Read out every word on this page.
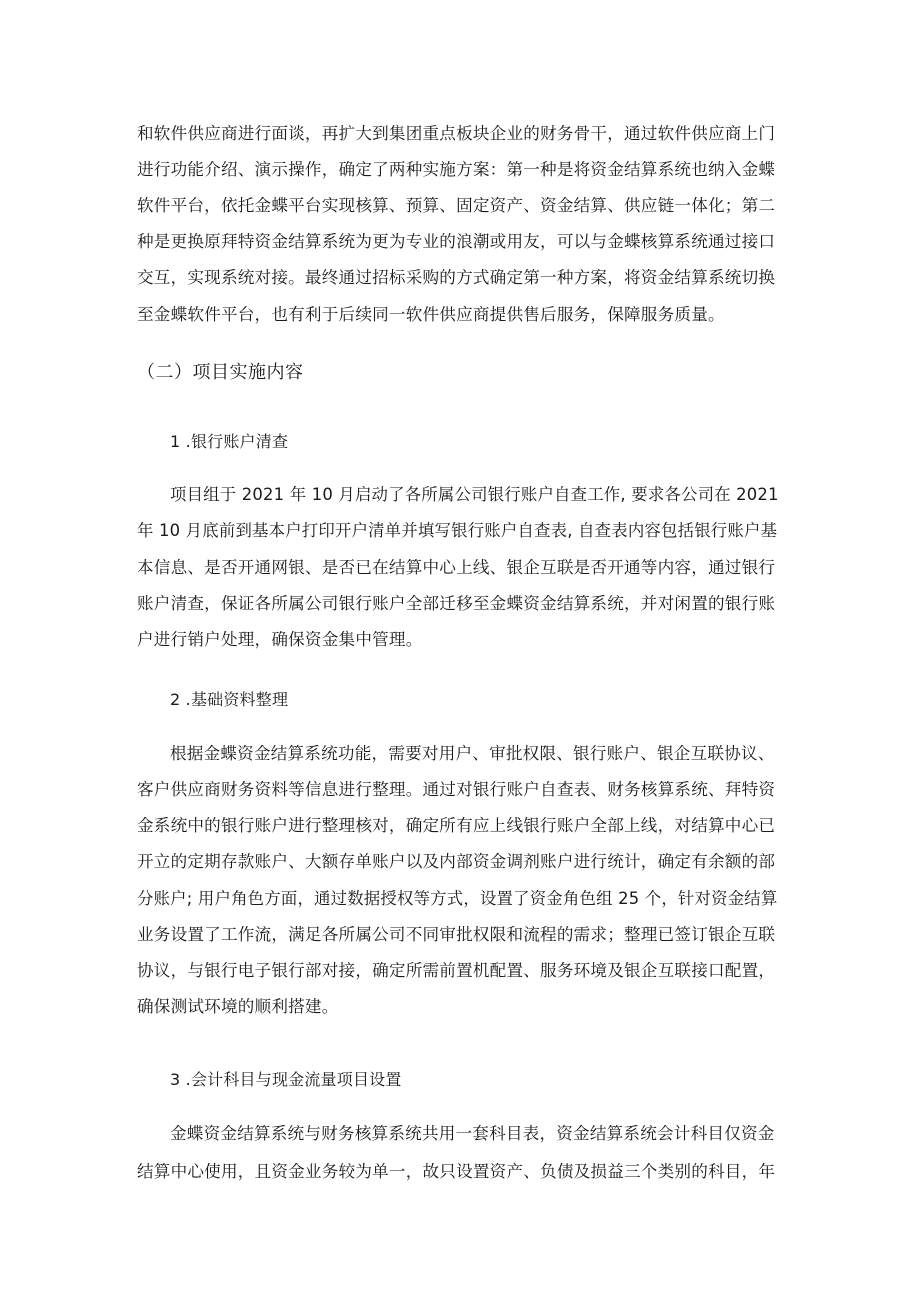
和软件供应商进行面谈，再扩大到集团重点板块企业的财务骨干，通过软件供应商上门
进行功能介绍、演示操作，确定了两种实施方案：第一种是将资金结算系统也纳入金蝶
软件平台，依托金蝶平台实现核算、预算、固定资产、资金结算、供应链一体化；第二
种是更换原拜特资金结算系统为更为专业的浪潮或用友，可以与金蝶核算系统通过接口
交互，实现系统对接。最终通过招标采购的方式确定第一种方案，将资金结算系统切换
至金蝶软件平台，也有利于后续同一软件供应商提供售后服务，保障服务质量。
（二）项目实施内容
1 .银行账户清查
项目组于 2021 年 10 月启动了各所属公司银行账户自查工作, 要求各公司在 2021
年 10 月底前到基本户打印开户清单并填写银行账户自查表, 自查表内容包括银行账户基
本信息、是否开通网银、是否已在结算中心上线、银企互联是否开通等内容，通过银行
账户清查，保证各所属公司银行账户全部迁移至金蝶资金结算系统，并对闲置的银行账
户进行销户处理，确保资金集中管理。
2 .基础资料整理
根据金蝶资金结算系统功能，需要对用户、审批权限、银行账户、银企互联协议、
客户供应商财务资料等信息进行整理。通过对银行账户自查表、财务核算系统、拜特资
金系统中的银行账户进行整理核对，确定所有应上线银行账户全部上线，对结算中心已
开立的定期存款账户、大额存单账户以及内部资金调剂账户进行统计，确定有余额的部
分账户; 用户角色方面，通过数据授权等方式，设置了资金角色组 25 个，针对资金结算
业务设置了工作流，满足各所属公司不同审批权限和流程的需求；整理已签订银企互联
协议，与银行电子银行部对接，确定所需前置机配置、服务环境及银企互联接口配置，
确保测试环境的顺利搭建。
3 .会计科目与现金流量项目设置
金蝶资金结算系统与财务核算系统共用一套科目表，资金结算系统会计科目仅资金
结算中心使用，且资金业务较为单一，故只设置资产、负债及损益三个类别的科目，年
